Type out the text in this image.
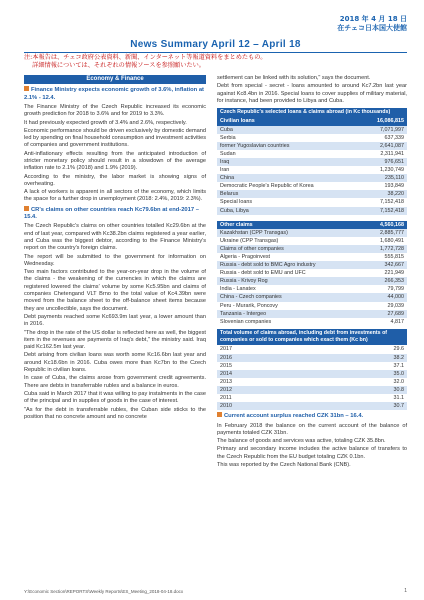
2018 年 4 月 18 日
在チェコ日本国大使館
News Summary April 12 – April 18
注:本報告は、チェコ政府公表資料、新聞、インターネット等報道資料をまとめたもの。
　 詳細情報については、それぞれの情報ソースを参照願いたい。
Economy & Finance
Finance Ministry expects economic growth of 3.6%, inflation at 2.1% - 12.4.

The Finance Ministry of the Czech Republic increased its economic growth prediction for 2018 to 3.6% and for 2019 to 3.3%.

It had previously expected growth of 3.4% and 2.6%, respectively.

Economic performance should be driven exclusively by domestic demand led by spending on final household consumption and investment activities of companies and government institutions.

Anti-inflationary effects resulting from the anticipated introduction of stricter monetary policy should result in a slowdown of the average inflation rate to 2.1% (2018) and 1.9% (2019).

According to the ministry, the labor market is showing signs of overheating.

A lack of workers is apparent in all sectors of the economy, which limits the space for a further drop in unemployment (2018: 2.4%, 2019: 2.3%).

CR's claims on other countries reach Kc79.6bn at end-2017 – 15.4.

The Czech Republic's claims on other countries totalled Kc29.6bn at the end of last year, compared with Kc38.2bn claims registered a year earlier, and Cuba was the biggest debtor, according to the Finance Ministry's report on the country's foreign claims.

The report will be submitted to the government for information on Wednesday.

Two main factors contributed to the year-on-year drop in the volume of the claims - the weakening of the currencies in which the claims are registered lowered the claims' volume by some Kc5.95bn and claims of companies Chetengand VLT Brno to the total value of Kc4.39bn were moved from the balance sheet to the off-balance sheet items because they are uncollectible, says the document.

Debt payments reached some Kc693.9m last year, a lower amount than in 2016.

"The drop in the rate of the US dollar is reflected here as well, the biggest item in the revenues are payments of Iraq's debt," the ministry said. Iraq paid Kc162.5m last year.

Debt arising from civilian loans was worth some Kc16.6bn last year and around Kc18.6bn in 2016. Cuba owes more than Kc7bn to the Czech Republic in civilian loans.

In case of Cuba, the claims arose from government credit agreements. There are debts in transferrable rubles and a balance in euros.

Cuba said in March 2017 that it was willing to pay instalments in the case of the principal and in supplies of goods in the case of interest.

"As for the debt in transferrable rubles, the Cuban side sticks to the position that no concrete amount and no concrete

settlement can be linked with its solution," says the document.

Debt from special - secret - loans amounted to around Kc7.2bn last year against Kc8.4bn in 2016. Special loans to cover supplies of military material, for instance, had been provided to Libya and Cuba.

Czech Republic's selected loans & claims abroad (in Kc thousands)
Civilian loans	16,086,815
Cuba	7,071,997
Serbia	637,339
former Yugoslavian countries	2,641,087
Sudan	2,311,941
Iraq	976,651
Iran	1,230,749
China	235,110
Democratic People's Republic of Korea	193,849
Belarus	38,220
Special loans	7,152,418
Cuba, Libya	7,152,418
Other claims	4,560,168
Kazakhstan (CPP Transgas)	2,885,777
Ukraine (CPP Transgas)	1,680,491
Claims of other companies	1,772,728
Algeria - Pragoinvest	555,815
Russia - debt sold to BMC Agro industry	342,667
Russia - debt sold to EMU and UFC	221,949
Russia - Krivoy Rog	266,353
India - Lanatex	79,799
China - Czech companies	44,000
Peru - Murarik, Poncovy	29,039
Tanzania - Intergeo	27,689
Slovenian companies	4,817
Total volume of claims abroad, including debt from investments of companies or sold to companies which exact them (Kc bn)
2017	29.6
2016	38.2
2015	37.1
2014	35.0
2013	32.0
2012	30.8
2011	31.1
2010	30.7
Current account surplus reached CZK 31bn – 16.4.

In February 2018 the balance on the current account of the balance of payments totaled CZK 31bn.

The balance of goods and services was active, totaling CZK 35.8bn.

Primary and secondary income includes the active balance of transfers to the Czech Republic from the EU budget totaling CZK 0.1bn.

This was reported by the Czech National Bank (CNB).

Y:\Economic Section\REPORTS\Weekly Reports\ES_Meeting_2018-04-18.docx	1
